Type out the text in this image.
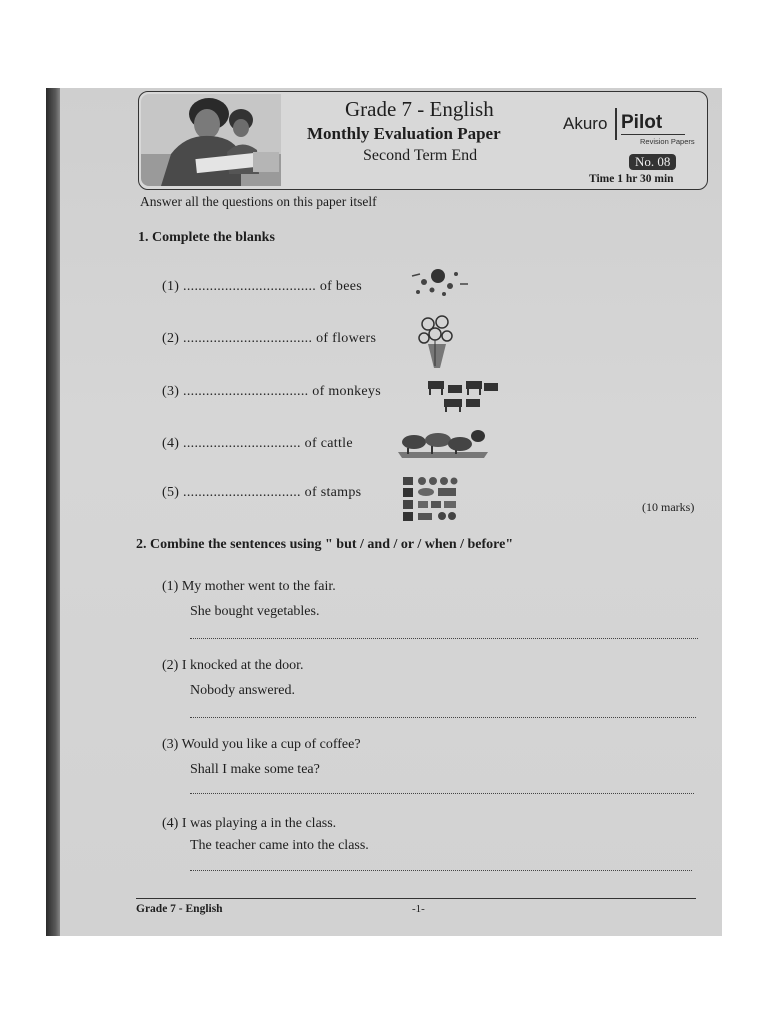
Grade 7 - English
Monthly Evaluation Paper
Second Term End
Akuro Pilot
Revision Papers
No. 08
Time 1 hr 30 min
Answer all the questions on this paper itself
1. Complete the blanks
(1) ................................... of bees
(2) .................................. of flowers
(3) ................................. of monkeys
(4) ............................... of cattle
(5) ............................... of stamps
(10 marks)
2. Combine the sentences using " but / and / or / when / before"
(1) My mother went to the fair.
She bought vegetables.
(2) I knocked at the door.
Nobody answered.
(3) Would you like a cup of coffee?
Shall I make some tea?
(4) I was playing a in the class.
The teacher came into the class.
Grade 7 - English	-1-
